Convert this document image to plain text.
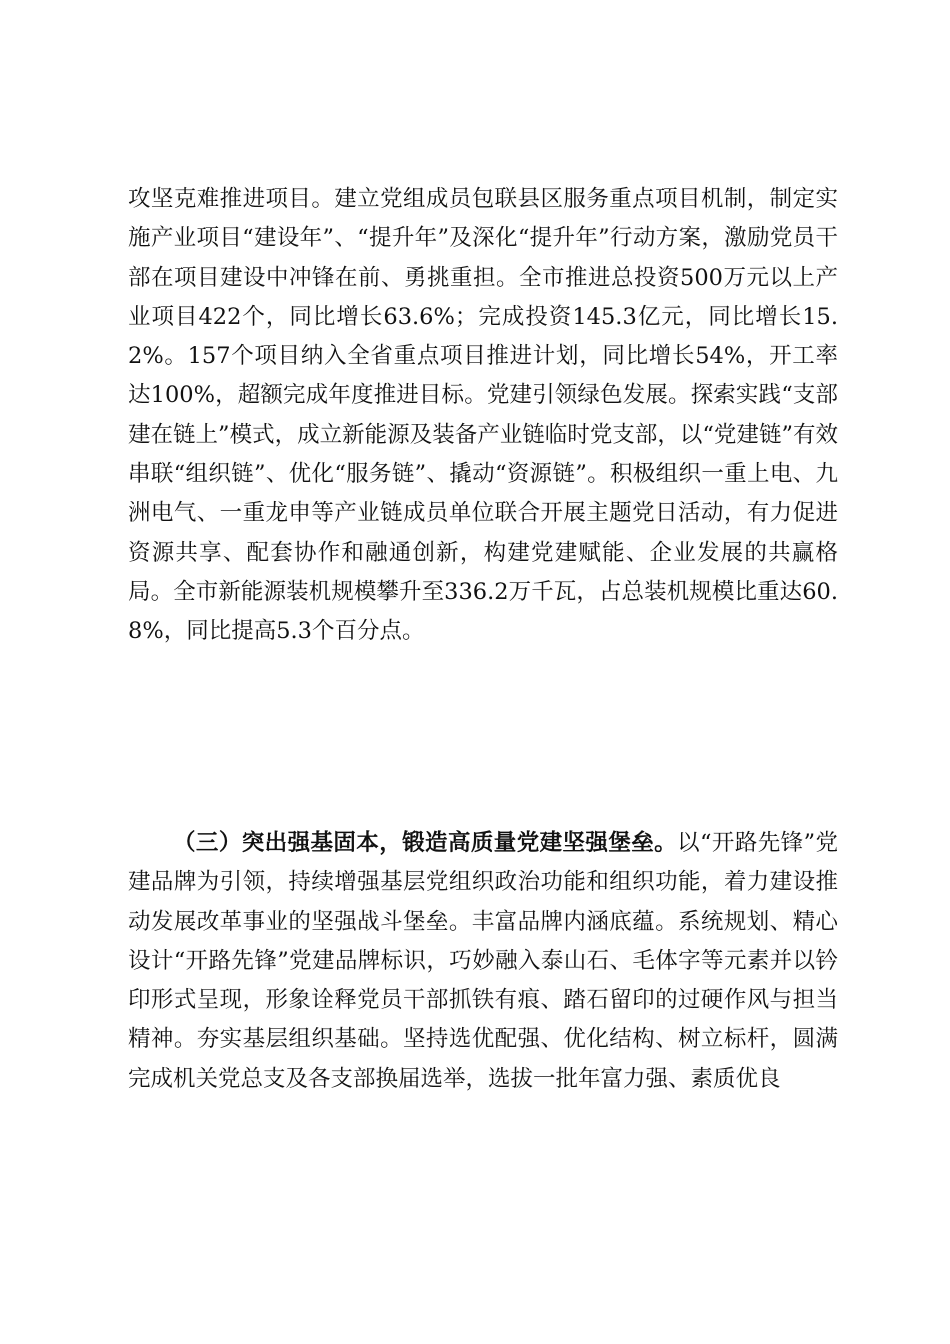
攻坚克难推进项目。建立党组成员包联县区服务重点项目机制，制定实施产业项目“建设年”、“提升年”及深化“提升年”行动方案，激励党员干部在项目建设中冲锋在前、勇挑重担。全市推进总投资500万元以上产业项目422个，同比增长63.6%；完成投资145.3亿元，同比增长15.2%。157个项目纳入全省重点项目推进计划，同比增长54%，开工率达100%，超额完成年度推进目标。党建引领绿色发展。探索实践“支部建在链上”模式，成立新能源及装备产业链临时党支部，以“党建链”有效串联“组织链”、优化“服务链”、撬动“资源链”。积极组织一重上电、九洲电气、一重龙申等产业链成员单位联合开展主题党日活动，有力促进资源共享、配套协作和融通创新，构建党建赋能、企业发展的共赢格局。全市新能源装机规模攀升至336.2万千瓦，占总装机规模比重达60.8%，同比提高5.3个百分点。

（三）突出强基固本，锻造高质量党建坚强堡垒。以“开路先锋”党建品牌为引领，持续增强基层党组织政治功能和组织功能，着力建设推动发展改革事业的坚强战斗堡垒。丰富品牌内涵底蕴。系统规划、精心设计“开路先锋”党建品牌标识，巧妙融入泰山石、毛体字等元素并以钤印形式呈现，形象诠释党员干部抓铁有痕、踏石留印的过硬作风与担当精神。夯实基层组织基础。坚持选优配强、优化结构、树立标杆，圆满完成机关党总支及各支部换届选举，选拔一批年富力强、素质优良
